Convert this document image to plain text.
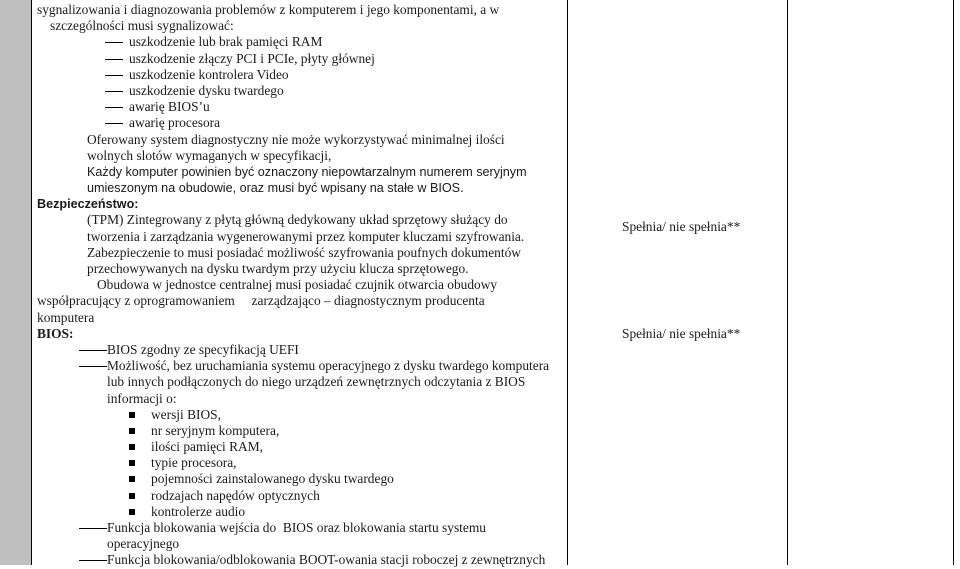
sygnalizowania i diagnozowania problemów z komputerem i jego komponentami, a w
szczególności musi sygnalizować:
uszkodzenie lub brak pamięci RAM
uszkodzenie złączy PCI i PCIe, płyty głównej
uszkodzenie kontrolera Video
uszkodzenie dysku twardego
awarię BIOS’u
awarię procesora
Oferowany system diagnostyczny nie może wykorzystywać minimalnej ilości
wolnych slotów wymaganych w specyfikacji,
Każdy komputer powinien być oznaczony niepowtarzalnym numerem seryjnym
umieszonym na obudowie, oraz musi być wpisany na stałe w BIOS.
Bezpieczeństwo:
(TPM) Zintegrowany z płytą główną dedykowany układ sprzętowy służący do
tworzenia i zarządzania wygenerowanymi przez komputer kluczami szyfrowania.
Zabezpieczenie to musi posiadać możliwość szyfrowania poufnych dokumentów
przechowywanych na dysku twardym przy użyciu klucza sprzętowego.
Obudowa w jednostce centralnej musi posiadać czujnik otwarcia obudowy
współpracujący z oprogramowaniem     zarządzająco – diagnostycznym producenta
komputera
BIOS:
BIOS zgodny ze specyfikacją UEFI
Możliwość, bez uruchamiania systemu operacyjnego z dysku twardego komputera
lub innych podłączonych do niego urządzeń zewnętrznych odczytania z BIOS
informacji o:
wersji BIOS,
nr seryjnym komputera,
ilości pamięci RAM,
typie procesora,
pojemności zainstalowanego dysku twardego
rodzajach napędów optycznych
kontrolerze audio
Funkcja blokowania wejścia do  BIOS oraz blokowania startu systemu
operacyjnego
Funkcja blokowania/odblokowania BOOT-owania stacji roboczej z zewnętrznych
Spełnia/ nie spełnia**
Spełnia/ nie spełnia**
